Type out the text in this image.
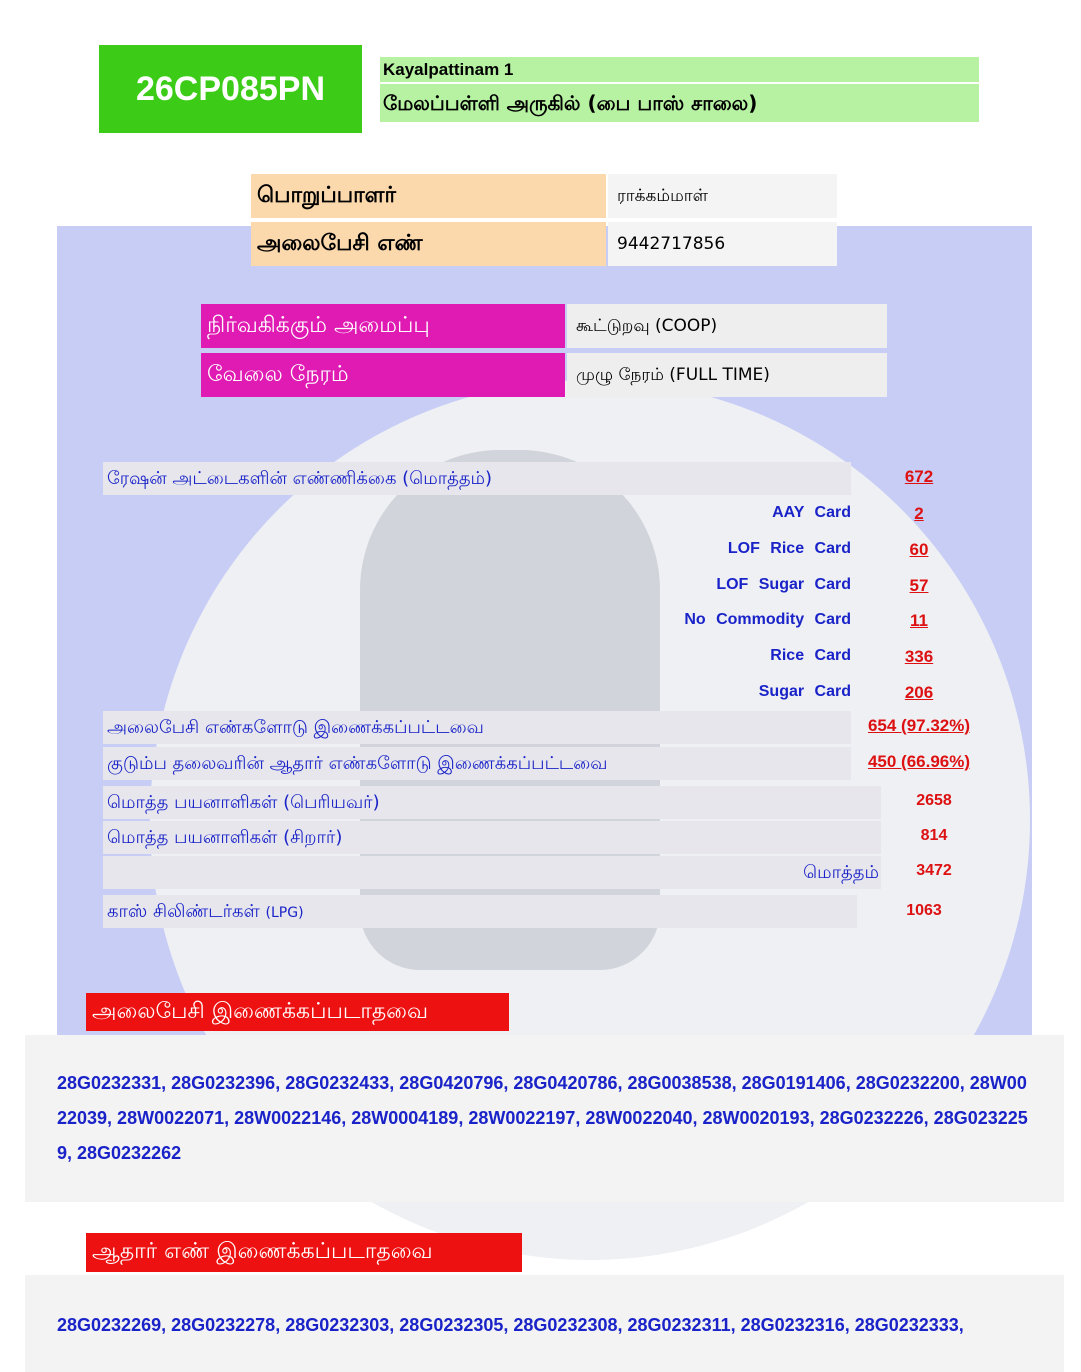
26CP085PN	Kayalpattinam 1
மேலப்பள்ளி அருகில் (பை பாஸ் சாலை)
பொறுப்பாளர்	ராக்கம்மாள்
அலைபேசி எண்	9442717856
நிர்வகிக்கும் அமைப்பு	கூட்டுறவு (COOP)
வேலை நேரம்	முழு நேரம் (FULL TIME)
ரேஷன் அட்டைகளின் எண்ணிக்கை (மொத்தம்)	672
AAY Card	2
LOF Rice Card	60
LOF Sugar Card	57
No Commodity Card	11
Rice Card	336
Sugar Card	206
அலைபேசி எண்களோடு இணைக்கப்பட்டவை	654 (97.32%)
குடும்ப தலைவரின் ஆதார் எண்களோடு இணைக்கப்பட்டவை	450 (66.96%)
மொத்த பயனாளிகள் (பெரியவர்)	2658
மொத்த பயனாளிகள் (சிறார்)	814
மொத்தம்	3472
காஸ் சிலிண்டர்கள் (LPG)	1063
அலைபேசி இணைக்கப்படாதவை
28G0232331, 28G0232396, 28G0232433, 28G0420796, 28G0420786, 28G0038538, 28G0191406, 28G0232200, 28W0022039, 28W0022071, 28W0022146, 28W0004189, 28W0022197, 28W0022040, 28W0020193, 28G0232226, 28G0232259, 28G0232262
ஆதார் எண் இணைக்கப்படாதவை
28G0232269, 28G0232278, 28G0232303, 28G0232305, 28G0232308, 28G0232311, 28G0232316, 28G0232333,
